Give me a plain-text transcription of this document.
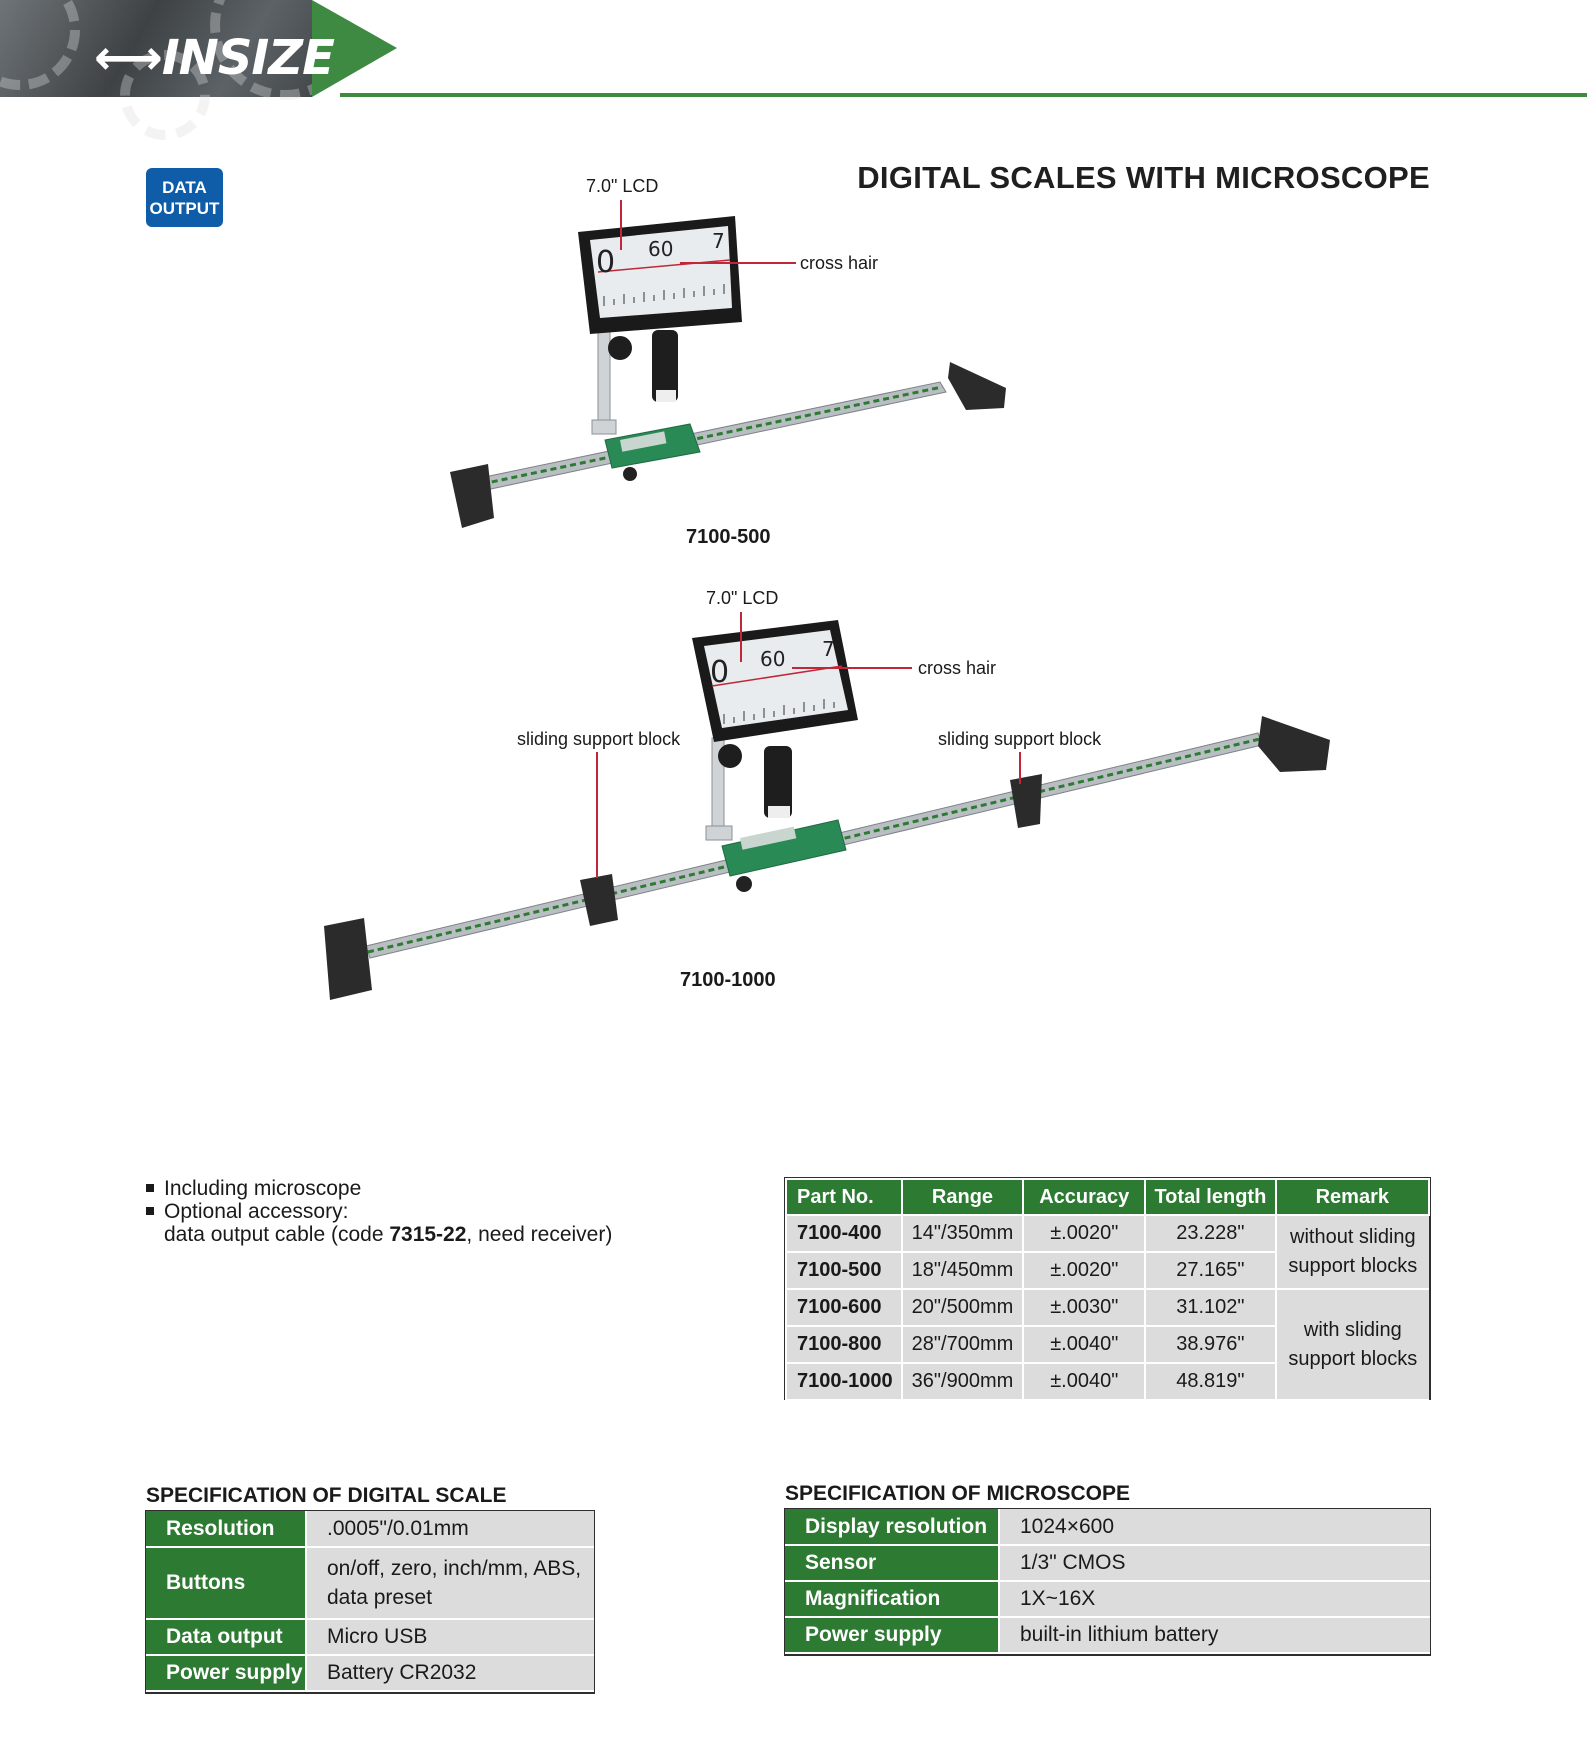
⟷INSIZE
DATA
OUTPUT
DIGITAL SCALES WITH MICROSCOPE
0 60 7
7.0" LCD
cross hair
7100-500
0 60 7
7.0" LCD
cross hair
sliding support block	sliding support block
7100-1000
Including microscope
Optional accessory:
data output cable (code 7315-22, need receiver)
Part No.	Range	Accuracy	Total length	Remark
7100-400	14"/350mm	±.0020"	23.228"	without sliding
support blocks

7100-500	18"/450mm	±.0020"	27.165"	
7100-600	20"/500mm	±.0030"	31.102"	with sliding
support blocks

7100-800	28"/700mm	±.0040"	38.976"	
7100-1000	36"/900mm	±.0040"	48.819"	
SPECIFICATION OF DIGITAL SCALE
Resolution	.0005"/0.01mm
Buttons	on/off, zero, inch/mm, ABS,
data preset

Data output	Micro USB
Power supply	Battery CR2032
SPECIFICATION OF MICROSCOPE
Display resolution	1024×600
Sensor	1/3" CMOS
Magnification	1X~16X
Power supply	built-in lithium battery
